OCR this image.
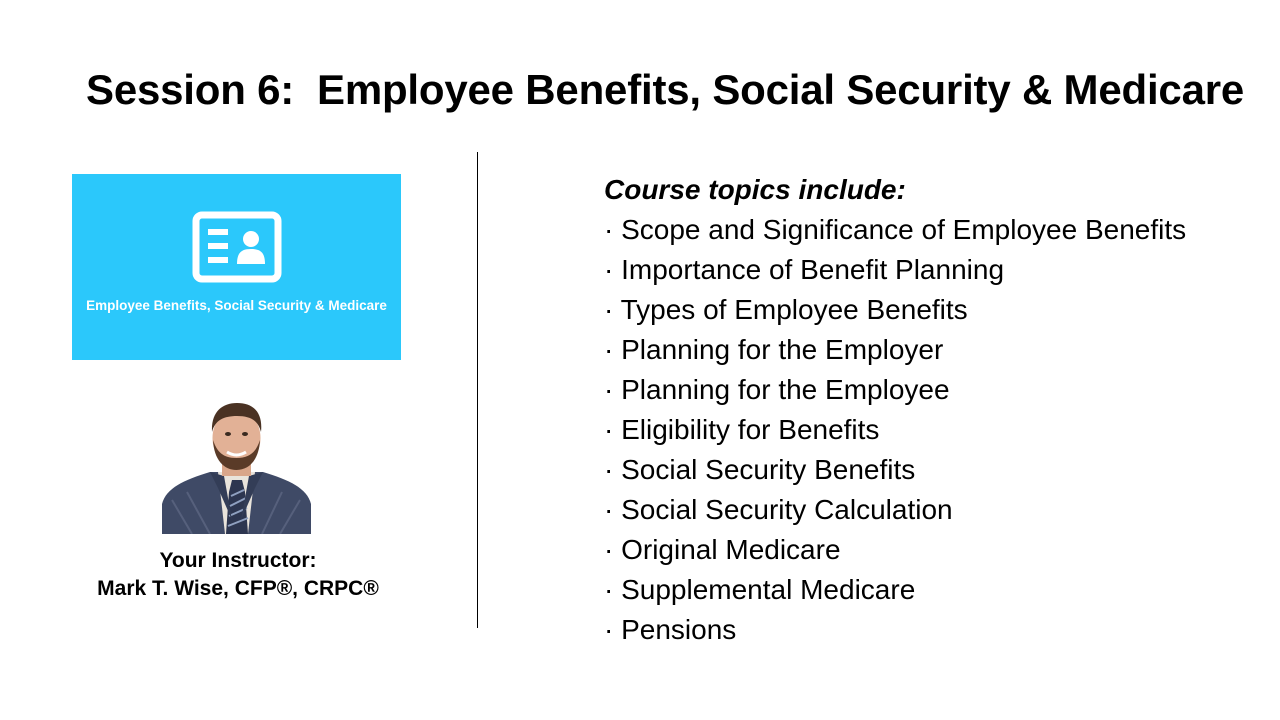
Session 6:  Employee Benefits, Social Security & Medicare
Employee Benefits, Social Security & Medicare
Your Instructor:
Mark T. Wise, CFP®, CRPC®
Course topics include:
· Scope and Significance of Employee Benefits
· Importance of Benefit Planning
· Types of Employee Benefits
· Planning for the Employer
· Planning for the Employee
· Eligibility for Benefits
· Social Security Benefits
· Social Security Calculation
· Original Medicare
· Supplemental Medicare
· Pensions
